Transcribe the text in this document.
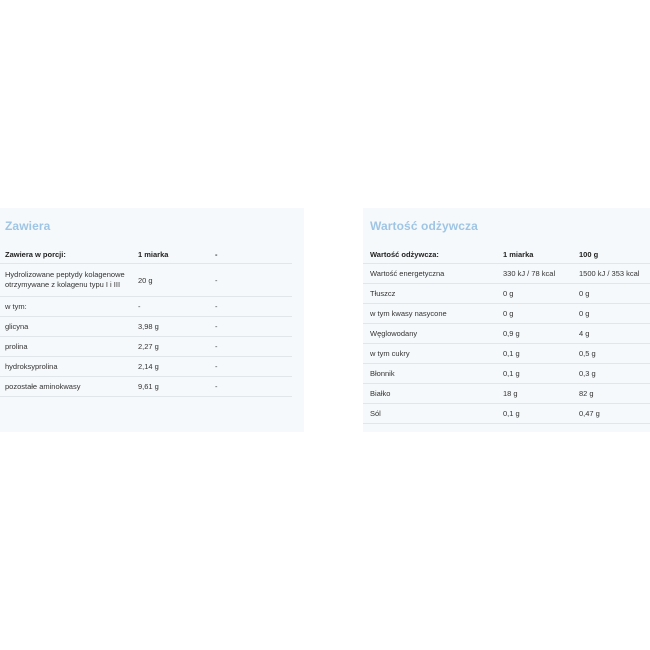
Zawiera
Zawiera w porcji:	1 miarka	-
Hydrolizowane peptydy kolagenowe otrzymywane z kolagenu typu I i III	20 g	-
w tym:	-	-
glicyna	3,98 g	-
prolina	2,27 g	-
hydroksyprolina	2,14 g	-
pozostałe aminokwasy	9,61 g	-
Wartość odżywcza
Wartość odżywcza:	1 miarka	100 g
Wartość energetyczna	330 kJ / 78 kcal	1500 kJ / 353 kcal
Tłuszcz	0 g	0 g
w tym kwasy nasycone	0 g	0 g
Węglowodany	0,9 g	4 g
w tym cukry	0,1 g	0,5 g
Błonnik	0,1 g	0,3 g
Białko	18 g	82 g
Sól	0,1 g	0,47 g
